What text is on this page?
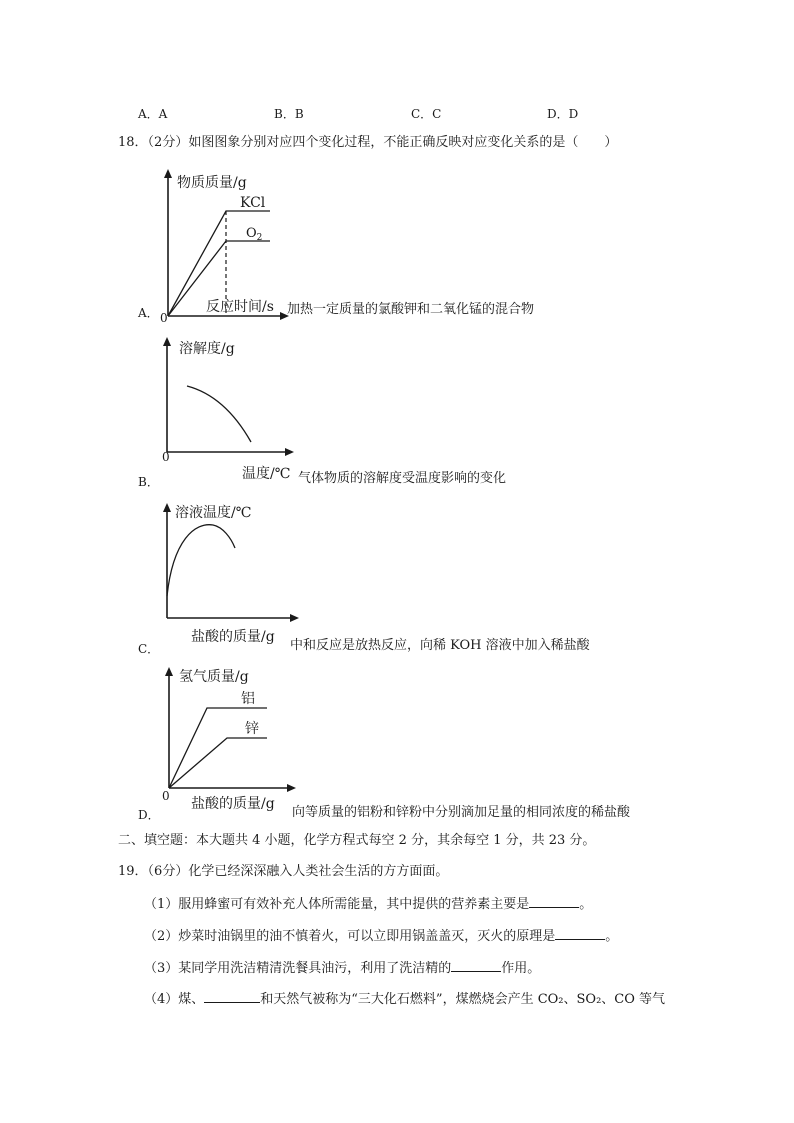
A．A	B．B	C．C	D．D
18．（2分）如图图象分别对应四个变化过程，不能正确反映对应变化关系的是（　　）
物质质量/g
KCl
$O_2$
0
反应时间/s
A．	加热一定质量的氯酸钾和二氧化锰的混合物
溶解度/g
0
温度/℃
B．	气体物质的溶解度受温度影响的变化
溶液温度/℃
盐酸的质量/g
C．	中和反应是放热反应，向稀 KOH 溶液中加入稀盐酸
氢气质量/g
铝
锌
0 盐酸的质量/g
D．	向等质量的铝粉和锌粉中分别滴加足量的相同浓度的稀盐酸
二、填空题：本大题共 4 小题，化学方程式每空 2 分，其余每空 1 分，共 23 分。
19．（6分）化学已经深深融入人类社会生活的方方面面。
（1）服用蜂蜜可有效补充人体所需能量，其中提供的营养素主要是	。
（2）炒菜时油锅里的油不慎着火，可以立即用锅盖盖灭，灭火的原理是	。
（3）某同学用洗洁精清洗餐具油污，利用了洗洁精的	作用。
（4）煤、	和天然气被称为“三大化石燃料”，煤燃烧会产生 CO₂、SO₂、CO 等气
